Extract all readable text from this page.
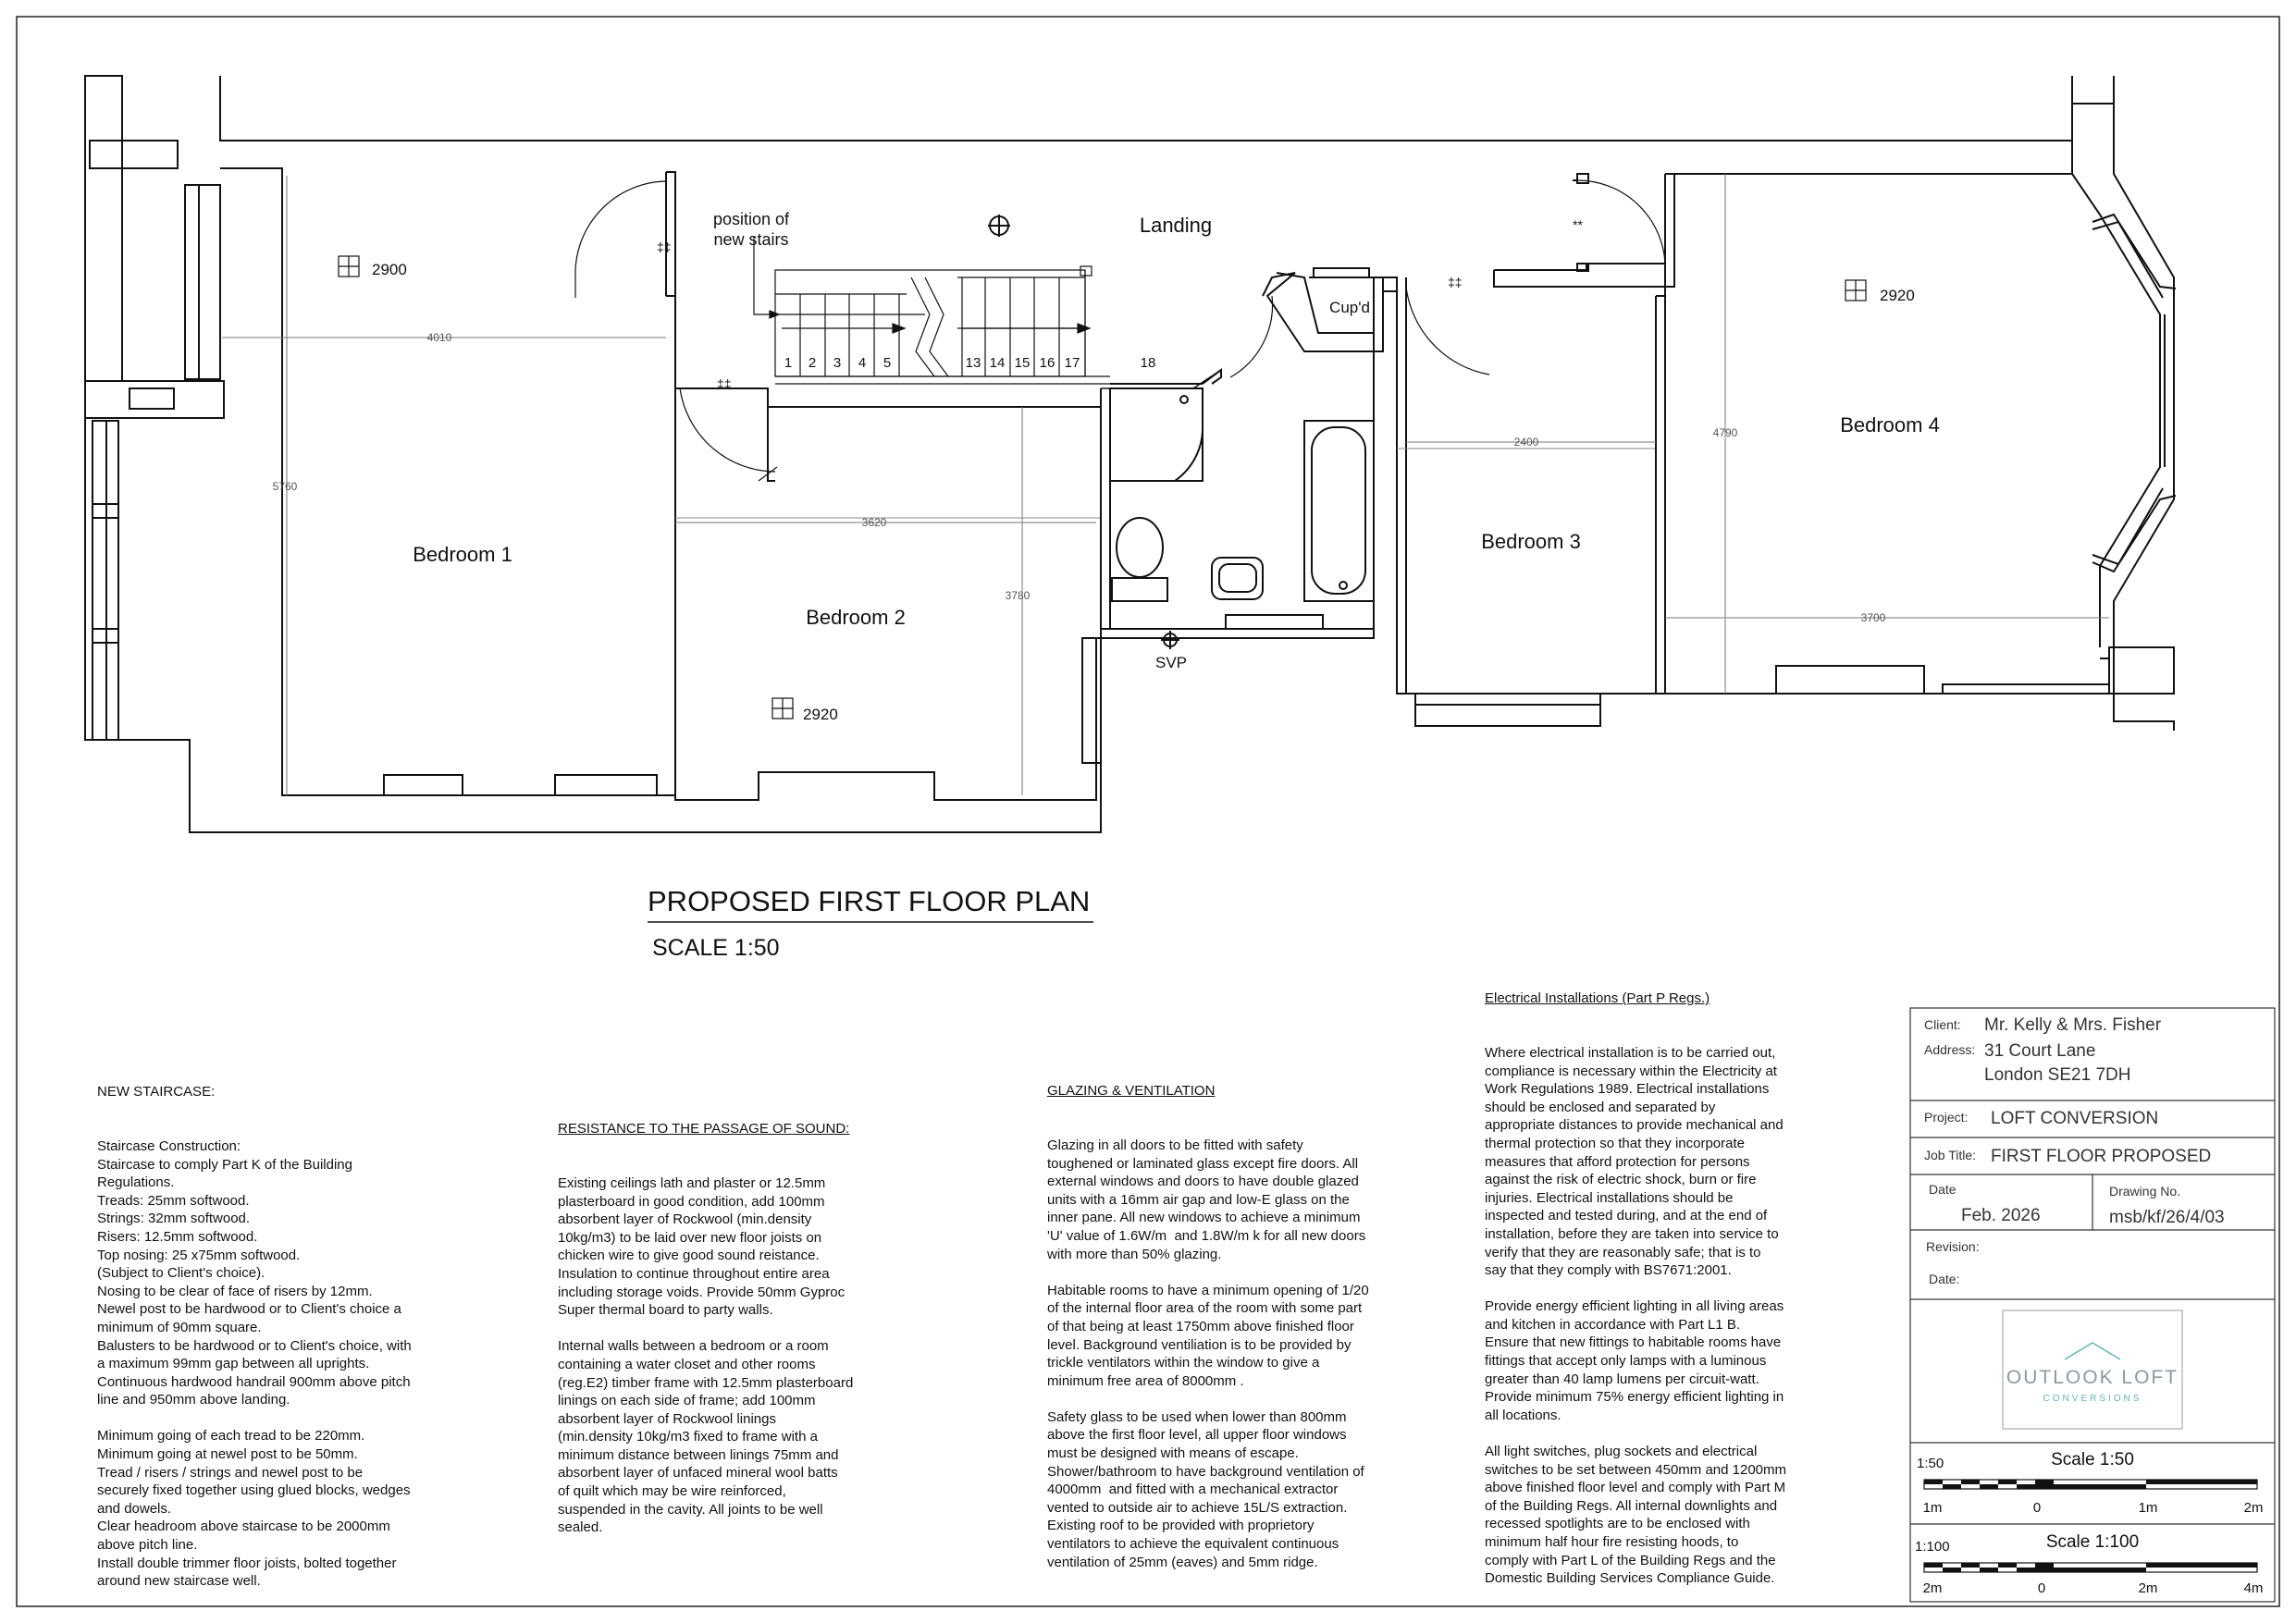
‡‡
‡‡
‡‡
**
4010
5760
3620
3780
2400
4790
3700
Bedroom 1
Bedroom 2
Bedroom 3
Bedroom 4
Landing
Cup'd
SVP
position of
new stairs
2900
2920
2920
1 2 3 4 5	13 14 15 16 17	18
PROPOSED FIRST FLOOR PLAN
SCALE 1:50
Client: Mr. Kelly & Mrs. Fisher
Address: 31 Court Lane
London SE21 7DH
Project: LOFT CONVERSION
Job Title: FIRST FLOOR PROPOSED
Date
Feb. 2026
Drawing No.
msb/kf/26/4/03
Revision:
Date:
OUTLOOK LOFT
CONVERSIONS
1:50	Scale 1:50
1m	0	1m	2m
1:100	Scale 1:100
2m	0	2m	4m

NEW STAIRCASE:

Staircase Construction:
Staircase to comply Part K of the Building
Regulations.
Treads: 25mm softwood.
Strings: 32mm softwood.
Risers: 12.5mm softwood.
Top nosing: 25 x75mm softwood.
(Subject to Client's choice).
Nosing to be clear of face of risers by 12mm.
Newel post to be hardwood or to Client's choice a
minimum of 90mm square.
Balusters to be hardwood or to Client's choice, with
a maximum 99mm gap between all uprights.
Continuous hardwood handrail 900mm above pitch
line and 950mm above landing.

Minimum going of each tread to be 220mm.
Minimum going at newel post to be 50mm.
Tread / risers / strings and newel post to be
securely fixed together using glued blocks, wedges
and dowels.
Clear headroom above staircase to be 2000mm
above pitch line.
Install double trimmer floor joists, bolted together
around new staircase well.

RESISTANCE TO THE PASSAGE OF SOUND:

Existing ceilings lath and plaster or 12.5mm
plasterboard in good condition, add 100mm
absorbent layer of Rockwool (min.density
10kg/m3) to be laid over new floor joists on
chicken wire to give good sound reistance.
Insulation to continue throughout entire area
including storage voids. Provide 50mm Gyproc
Super thermal board to party walls.

Internal walls between a bedroom or a room
containing a water closet and other rooms
(reg.E2) timber frame with 12.5mm plasterboard
linings on each side of frame; add 100mm
absorbent layer of Rockwool linings
(min.density 10kg/m3 fixed to frame with a
minimum distance between linings 75mm and
absorbent layer of unfaced mineral wool batts
of quilt which may be wire reinforced,
suspended in the cavity. All joints to be well
sealed.

GLAZING & VENTILATION

Glazing in all doors to be fitted with safety
toughened or laminated glass except fire doors. All
external windows and doors to have double glazed
units with a 16mm air gap and low-E glass on the
inner pane. All new windows to achieve a minimum
'U' value of 1.6W/m  and 1.8W/m k for all new doors
with more than 50% glazing.

Habitable rooms to have a minimum opening of 1/20
of the internal floor area of the room with some part
of that being at least 1750mm above finished floor
level. Background ventiliation is to be provided by
trickle ventilators within the window to give a
minimum free area of 8000mm .

Safety glass to be used when lower than 800mm
above the first floor level, all upper floor windows
must be designed with means of escape.
Shower/bathroom to have background ventilation of
4000mm  and fitted with a mechanical extractor
vented to outside air to achieve 15L/S extraction.
Existing roof to be provided with proprietory
ventilators to achieve the equivalent continuous
ventilation of 25mm (eaves) and 5mm ridge.

Electrical Installations (Part P Regs.)

Where electrical installation is to be carried out,
compliance is necessary within the Electricity at
Work Regulations 1989. Electrical installations
should be enclosed and separated by
appropriate distances to provide mechanical and
thermal protection so that they incorporate
measures that afford protection for persons
against the risk of electric shock, burn or fire
injuries. Electrical installations should be
inspected and tested during, and at the end of
installation, before they are taken into service to
verify that they are reasonably safe; that is to
say that they comply with BS7671:2001.

Provide energy efficient lighting in all living areas
and kitchen in accordance with Part L1 B.
Ensure that new fittings to habitable rooms have
fittings that accept only lamps with a luminous
greater than 40 lamp lumens per circuit-watt.
Provide minimum 75% energy efficient lighting in
all locations.

All light switches, plug sockets and electrical
switches to be set between 450mm and 1200mm
above finished floor level and comply with Part M
of the Building Regs. All internal downlights and
recessed spotlights are to be enclosed with
minimum half hour fire resisting hoods, to
comply with Part L of the Building Regs and the
Domestic Building Services Compliance Guide.
